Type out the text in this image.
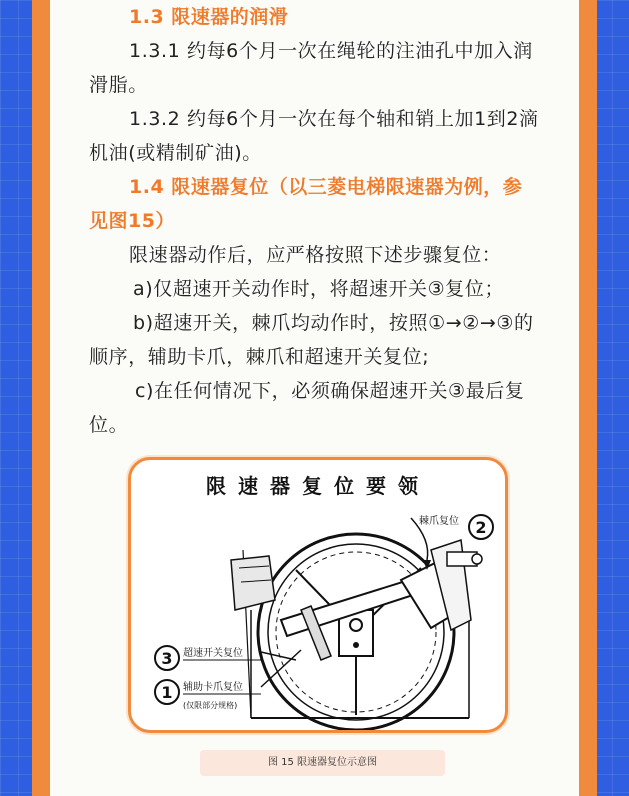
1.3 限速器的润滑

1.3.1 约每6个月一次在绳轮的注油孔中加入润滑脂。

1.3.2 约每6个月一次在每个轴和销上加1到2滴机油(或精制矿油)。

1.4 限速器复位（以三菱电梯限速器为例，参见图15）

限速器动作后，应严格按照下述步骤复位：

a)仅超速开关动作时，将超速开关③复位；

b)超速开关，棘爪均动作时，按照①→②→③的顺序，辅助卡爪，棘爪和超速开关复位;

c)在任何情况下，必须确保超速开关③最后复位。

限速器复位要领
棘爪复位 2
3 超速开关复位
1 辅助卡爪复位
(仅限部分规格)
图 15 限速器复位示意图
